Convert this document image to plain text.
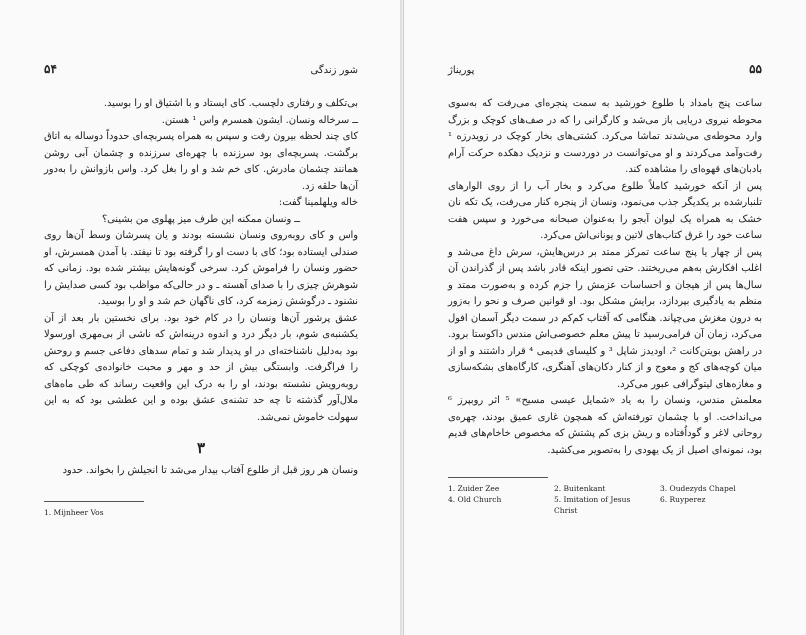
۵۴	شور زندگی

بی‌تکلف و رفتاری دلچسب. کای ایستاد و با اشتیاق او را بوسید.

ــ سرخاله ونسان. ایشون همسرم واس ¹ هستن.

کای چند لحظه بیرون رفت و سپس به همراه پسربچه‌ای حدوداً دوساله به اتاق برگشت. پسربچه‌ای بود سرزنده با چهره‌ای سرزنده و چشمان آبی روشن همانند چشمان مادرش. کای خم شد و او را بغل کرد. واس بازوانش را به‌دور آن‌ها حلقه زد.

خاله ویلهلمینا گفت:

ــ ونسان ممکنه این طرف میز پهلوی من بشینی؟

واس و کای روبه‌روی ونسان نشسته بودند و یان پسرشان وسط آن‌ها روی صندلی ایستاده بود؛ کای با دست او را گرفته بود تا نیفتد. با آمدن همسرش، او حضور ونسان را فراموش کرد. سرخی گونه‌هایش بیشتر شده بود. زمانی که شوهرش چیزی را با صدای آهسته ـ و در حالی‌که مواظب بود کسی صدایش را نشنود ـ درگوشش زمزمه کرد، کای ناگهان خم شد و او را بوسید.

عشق پرشور آن‌ها ونسان را در کام خود بود. برای نخستین بار بعد از آن یکشنبه‌ی شوم، بار دیگر درد و اندوه درینه‌اش که ناشی از بی‌مهری اورسولا بود به‌دلیل ناشناخته‌ای در او پدیدار شد و تمام سدهای دفاعی جسم و روحش را فراگرفت. وابستگی بیش از حد و مهر و محبت خانواده‌ی کوچکی که روبه‌رویش نشسته بودند، او را به درک این واقعیت رساند که طی ماه‌های ملال‌آور گذشته تا چه حد تشنه‌ی عشق بوده و این عطشی بود که به این سهولت خاموش نمی‌شد.

۳

ونسان هر روز قبل از طلوع آفتاب بیدار می‌شد تا انجیلش را بخواند. حدود

1. Mijnheer Vos
پوریناژ	۵۵

ساعت پنج بامداد با طلوع خورشید به سمت پنجره‌ای می‌رفت که به‌سوی محوطه نیروی دریایی باز می‌شد و کارگرانی را که در صف‌های کوچک و بزرگ وارد محوطه‌ی می‌شدند تماشا می‌کرد. کشتی‌های بخار کوچک در زویدرزه ¹ رفت‌وآمد می‌کردند و او می‌توانست در دوردست و نزدیک دهکده حرکت آرام بادبان‌های قهوه‌ای را مشاهده کند.

پس از آنکه خورشید کاملاً طلوع می‌کرد و بخار آب را از روی الوارهای تلنبارشده بر یکدیگر جذب می‌نمود، ونسان از پنجره کنار می‌رفت، یک تکه نان خشک به همراه یک لیوان آبجو را به‌عنوان صبحانه می‌خورد و سپس هفت ساعت خود را غرق کتاب‌های لاتین و یونانی‌اش می‌کرد.

پس از چهار یا پنج ساعت تمرکز ممتد بر درس‌هایش، سرش داغ می‌شد و اغلب افکارش به‌هم می‌ریختند. حتی تصور اینکه قادر باشد پس از گذراندن آن سال‌ها پس از هیجان و احساسات عزمش را جزم کرده و به‌صورت ممتد و منظم به یادگیری بپردازد، برایش مشکل بود. او قوانین صرف و نحو را به‌زور به درون مغزش می‌چپاند. هنگامی که آفتاب کم‌کم در سمت دیگر آسمان افول می‌کرد، زمان آن فرامی‌رسید تا پیش معلم خصوصی‌اش مندس داکوستا برود. در راهش بویتن‌کانت ²، اودیدز شاپل ³ و کلیسای قدیمی ⁴ قرار داشتند و او از میان کوچه‌های کج و معوج و از کنار دکان‌های آهنگری، کارگاه‌های بشکه‌سازی و مغازه‌های لیتوگرافی عبور می‌کرد.

معلمش مندس، ونسان را به یاد «شمایل عیسی مسیح» ⁵ اثر روبپرز ⁶ می‌انداخت. او با چشمان تورفته‌اش که همچون غاری عمیق بودند، چهره‌ی روحانی لاغر و گوداُفتاده و ریش بزی کم پشتش که مخصوص خاخام‌های قدیم بود، نمونه‌ای اصیل از یک یهودی را به‌تصویر می‌کشید.

1. Zuider Zee	2. Buitenkant	3. Oudezyds Chapel
4. Old Church	5. Imitation of Jesus Christ
6. Ruyperez
